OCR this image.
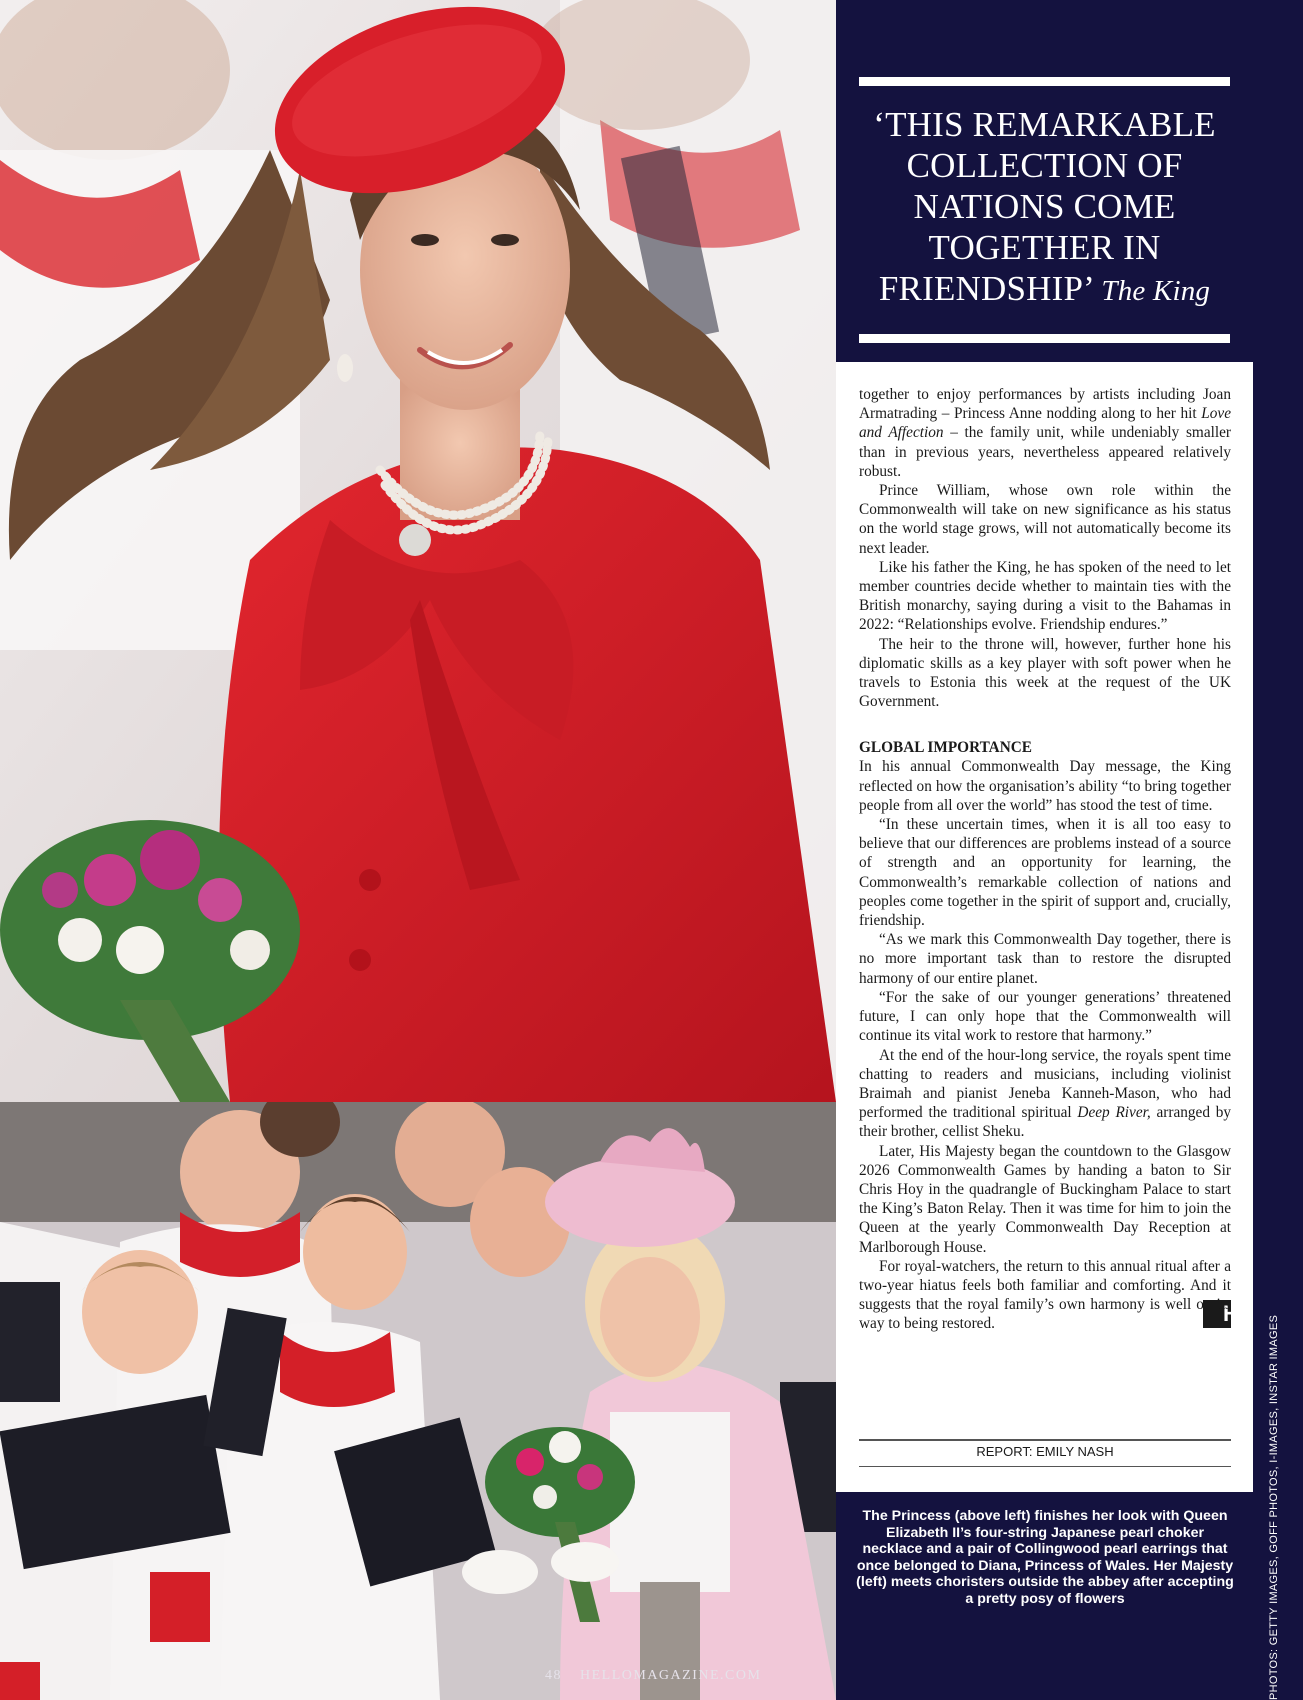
‘THIS REMARKABLE COLLECTION OF NATIONS COME TOGETHER IN FRIENDSHIP’ The King

together to enjoy performances by artists including Joan Armatrading – Princess Anne nodding along to her hit Love and Affection – the family unit, while undeniably smaller than in previous years, nevertheless appeared relatively robust.

Prince William, whose own role within the Commonwealth will take on new significance as his status on the world stage grows, will not automatically become its next leader.

Like his father the King, he has spoken of the need to let member countries decide whether to maintain ties with the British monarchy, saying during a visit to the Bahamas in 2022: “Relationships evolve. Friendship endures.”

The heir to the throne will, however, further hone his diplomatic skills as a key player with soft power when he travels to Estonia this week at the request of the UK Government.

GLOBAL IMPORTANCE

In his annual Commonwealth Day message, the King reflected on how the organisation’s ability “to bring together people from all over the world” has stood the test of time.

“In these uncertain times, when it is all too easy to believe that our differences are problems instead of a source of strength and an opportunity for learning, the Commonwealth’s remarkable collection of nations and peoples come together in the spirit of support and, crucially, friendship.

“As we mark this Commonwealth Day together, there is no more important task than to restore the disrupted harmony of our entire planet.

“For the sake of our younger generations’ threatened future, I can only hope that the Commonwealth will continue its vital work to restore that harmony.”

At the end of the hour-long service, the royals spent time chatting to readers and musicians, including violinist Braimah and pianist Jeneba Kanneh-Mason, who had performed the traditional spiritual Deep River, arranged by their brother, cellist Sheku.

Later, His Majesty began the countdown to the Glasgow 2026 Commonwealth Games by handing a baton to Sir Chris Hoy in the quadrangle of Buckingham Palace to start the King’s Baton Relay. Then it was time for him to join the Queen at the yearly Commonwealth Day Reception at Marlborough House.

For royal-watchers, the return to this annual ritual after a two-year hiatus feels both familiar and comforting. And it suggests that the royal family’s own harmony is well on its way to being restored.	H

REPORT: EMILY NASH
The Princess (above left) finishes her look with Queen Elizabeth II’s four-string Japanese pearl choker necklace and a pair of Collingwood pearl earrings that once belonged to Diana, Princess of Wales. Her Majesty (left) meets choristers outside the abbey after accepting a pretty posy of flowers	PHOTOS: GETTY IMAGES, GOFF PHOTOS, I-IMAGES, INSTAR IMAGES
48 HELLOMAGAZINE.COM
